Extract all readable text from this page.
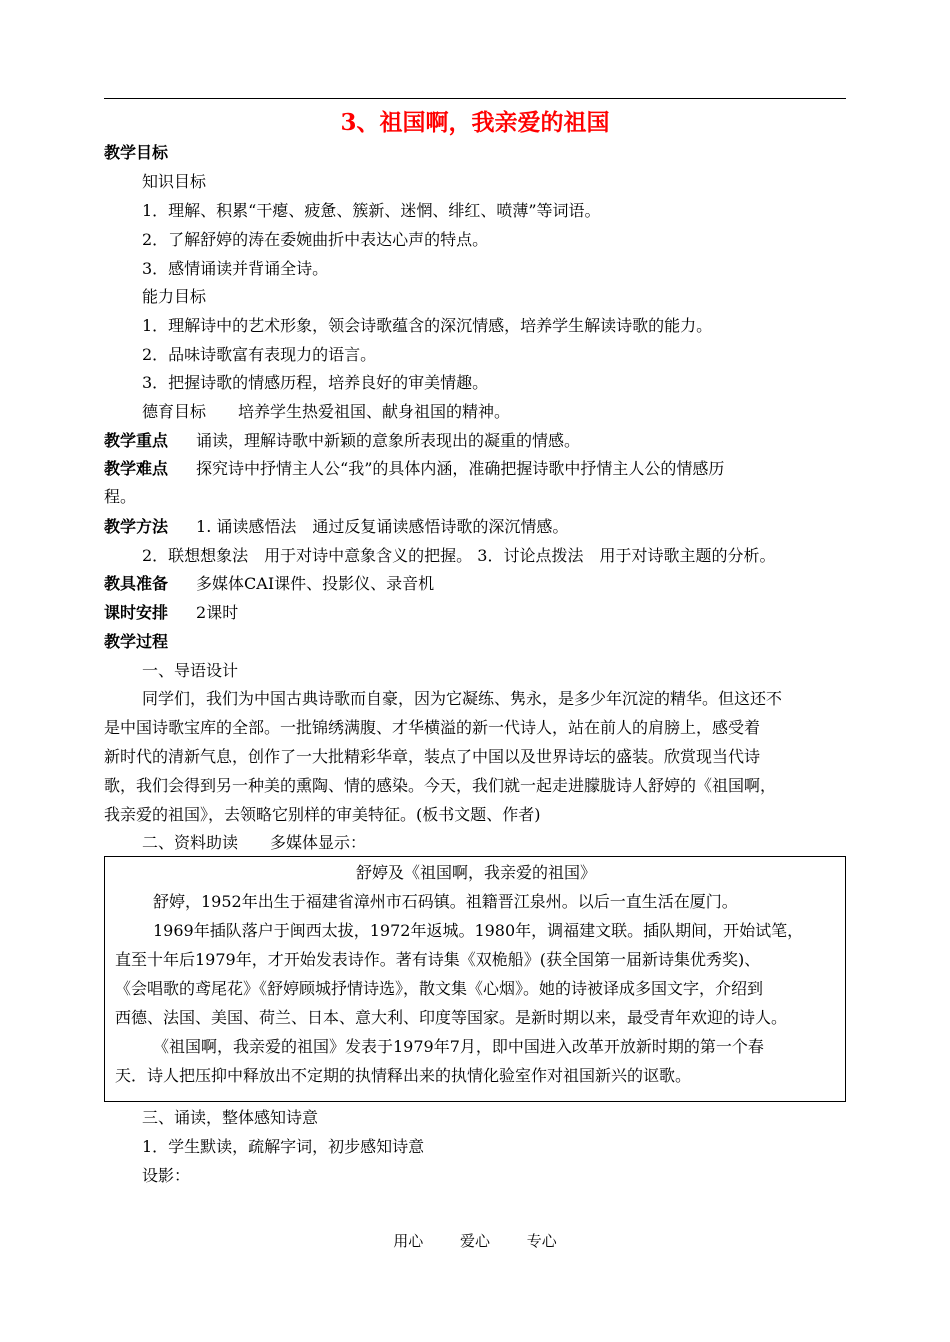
3、祖国啊，我亲爱的祖国
教学目标
知识目标
1．理解、积累“干瘪、疲惫、簇新、迷惘、绯红、喷薄”等词语。
2．了解舒婷的涛在委婉曲折中表达心声的特点。
3．感情诵读并背诵全诗。
能力目标
1．理解诗中的艺术形象，领会诗歌蕴含的深沉情感，培养学生解读诗歌的能力。
2．品味诗歌富有表现力的语言。
3．把握诗歌的情感历程，培养良好的审美情趣。
德育目标 培养学生热爱祖国、献身祖国的精神。
教学重点 诵读，理解诗歌中新颖的意象所表现出的凝重的情感。
教学难点 探究诗中抒情主人公“我”的具体内涵，准确把握诗歌中抒情主人公的情感历
程。
教学方法 1. 诵读感悟法　通过反复诵读感悟诗歌的深沉情感。
2．联想想象法　用于对诗中意象含义的把握。 3．讨论点拨法　用于对诗歌主题的分析。
教具准备 多媒体CAI课件、投影仪、录音机
课时安排 2课时
教学过程
一、导语设计
同学们，我们为中国古典诗歌而自豪，因为它凝练、隽永，是多少年沉淀的精华。但这还不
是中国诗歌宝库的全部。一批锦绣满腹、才华横溢的新一代诗人，站在前人的肩膀上，感受着
新时代的清新气息，创作了一大批精彩华章，装点了中国以及世界诗坛的盛装。欣赏现当代诗
歌，我们会得到另一种美的熏陶、情的感染。今天，我们就一起走进朦胧诗人舒婷的《祖国啊，
我亲爱的祖国》，去领略它别样的审美特征。(板书文题、作者)
二、资料助读 多媒体显示：
舒婷及《祖国啊，我亲爱的祖国》
舒婷，1952年出生于福建省漳州市石码镇。祖籍晋江泉州。以后一直生活在厦门。
1969年插队落户于闽西太拔，1972年返城。1980年，调福建文联。插队期间，开始试笔，
直至十年后1979年，才开始发表诗作。著有诗集《双桅船》(获全国第一届新诗集优秀奖)、
《会唱歌的鸢尾花》《舒婷顾城抒情诗选》，散文集《心烟》。她的诗被译成多国文字，介绍到
西德、法国、美国、荷兰、日本、意大利、印度等国家。是新时期以来，最受青年欢迎的诗人。
《祖国啊，我亲爱的祖国》发表于1979年7月，即中国进入改革开放新时期的第一个春
天．诗人把压抑中释放出不定期的执情释出来的执情化验室作对祖国新兴的讴歌。
三、诵读，整体感知诗意
1．学生默读，疏解字词，初步感知诗意
设影：
用心 爱心 专心
